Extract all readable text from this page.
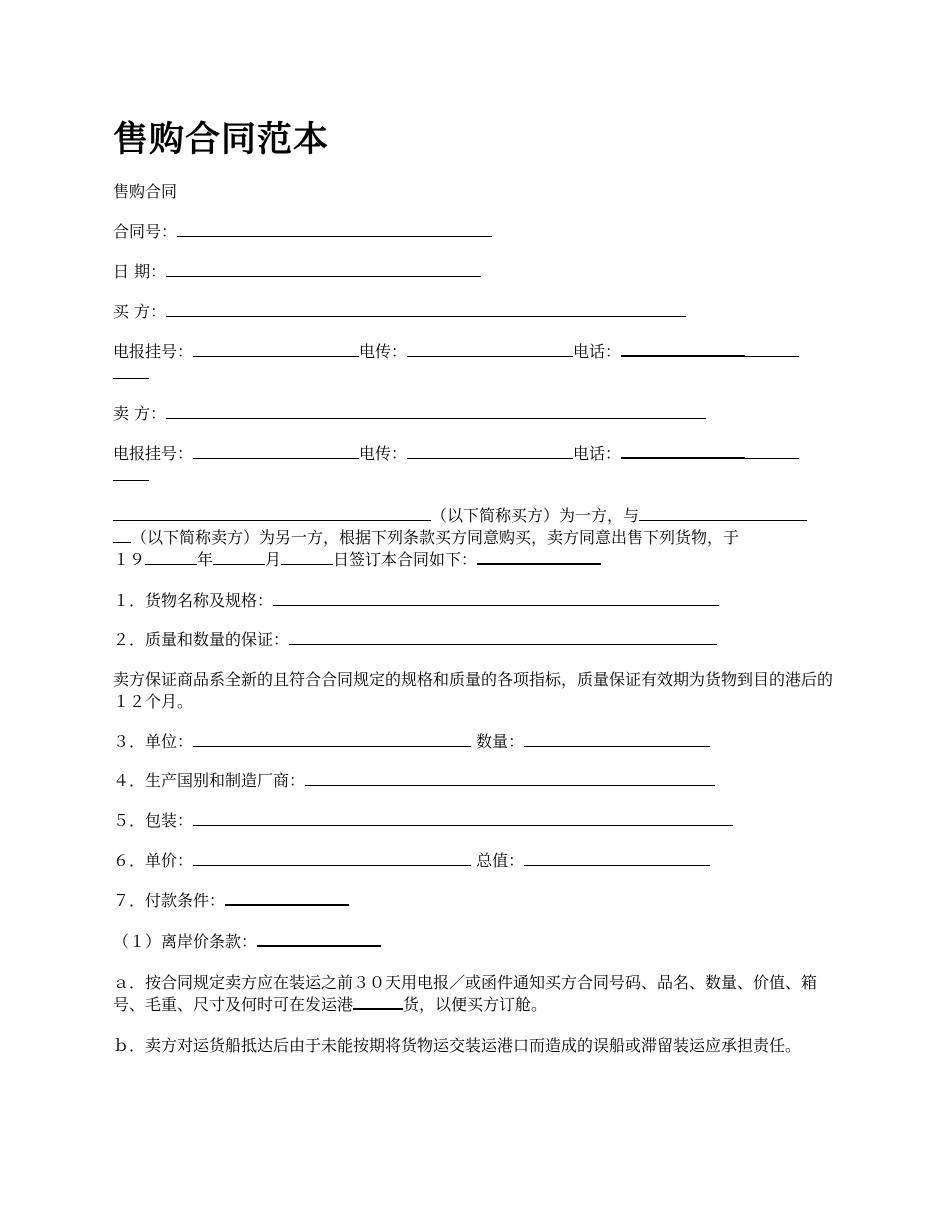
售购合同范本
售购合同
合同号：
日 期：
买 方：
电报挂号：	电传：	电话：
卖 方：
电报挂号：	电传：	电话：
（以下简称买方）为一方，与
（以下简称卖方）为另一方，根据下列条款买方同意购买，卖方同意出售下列货物，于
１９	年	月	日签订本合同如下：
１．货物名称及规格：
２．质量和数量的保证：
卖方保证商品系全新的且符合合同规定的规格和质量的各项指标，质量保证有效期为货物到目的港后的１２个月。
３．单位：	数量：
４．生产国别和制造厂商：
５．包装：
６．单价：	总值：
７．付款条件：
（１）离岸价条款：
ａ．按合同规定卖方应在装运之前３０天用电报／或函件通知买方合同号码、品名、数量、价值、箱号、毛重、尺寸及何时可在发运港	货，以便买方订舱。
ｂ．卖方对运货船抵达后由于未能按期将货物运交装运港口而造成的误船或滞留装运应承担责任。
